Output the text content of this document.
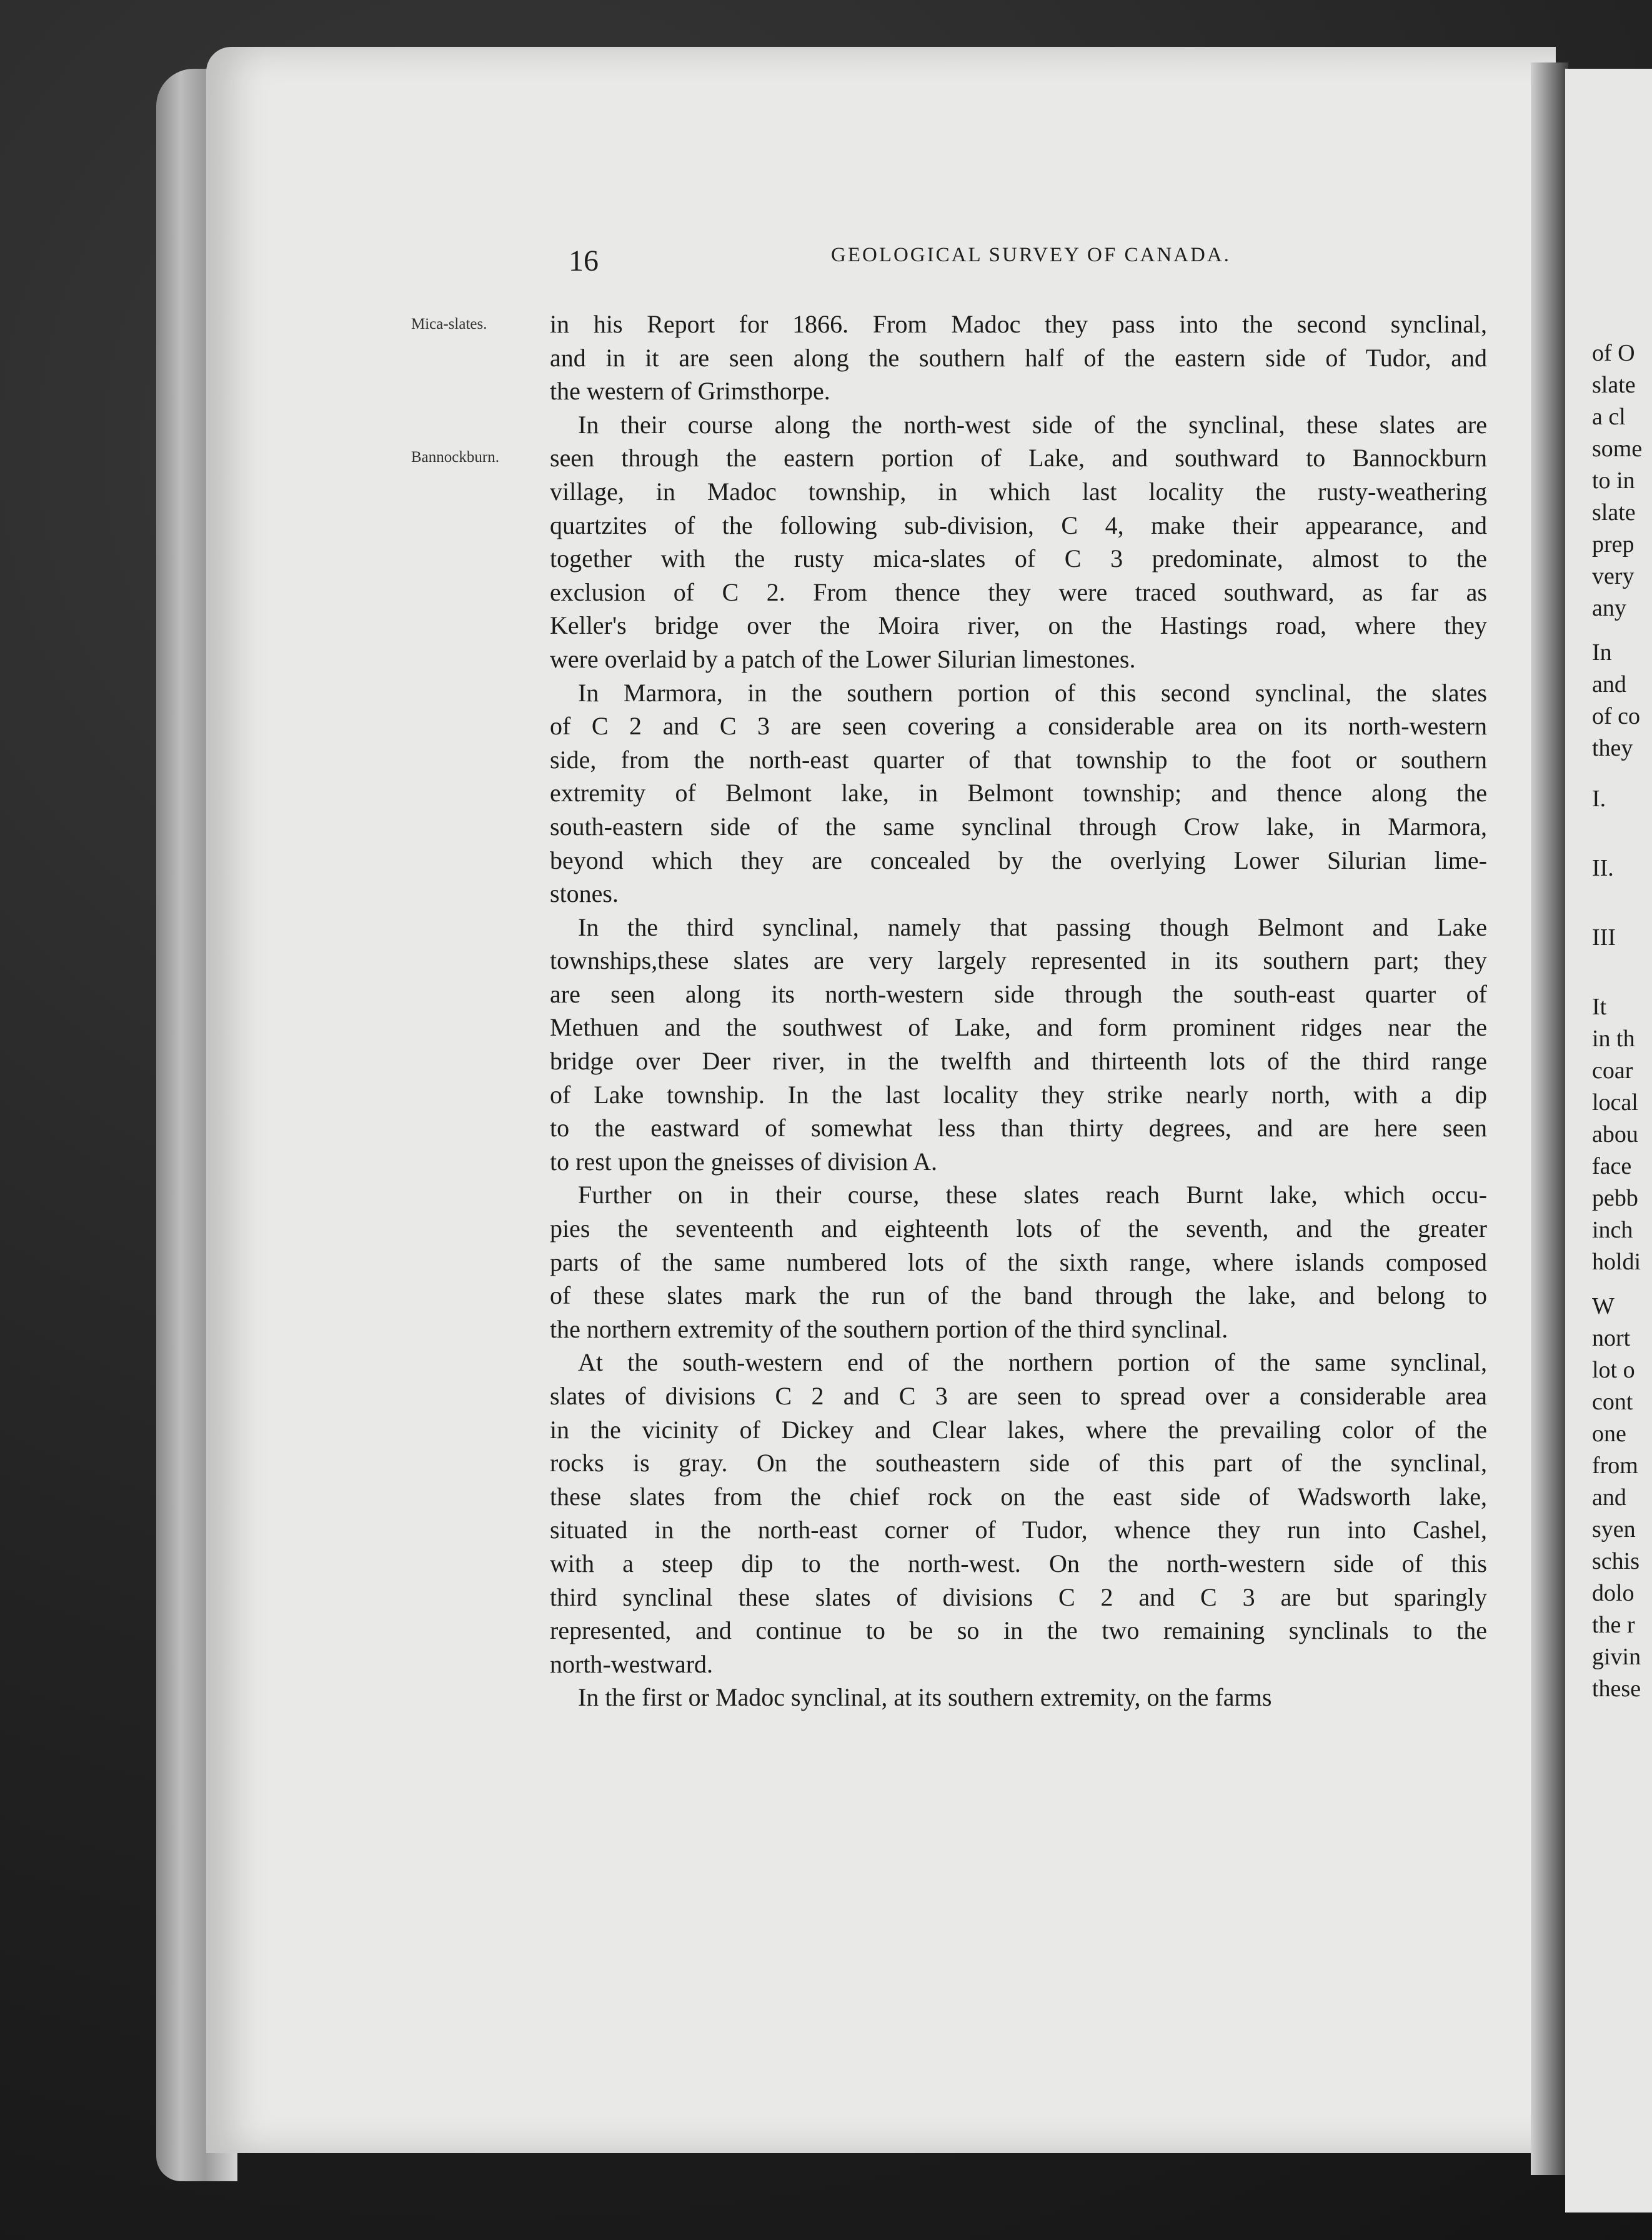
16	GEOLOGICAL SURVEY OF CANADA.
Mica-slates.
Bannockburn.
in his Report for 1866. From Madoc they pass into the second synclinal,
and in it are seen along the southern half of the eastern side of Tudor, and
the western of Grimsthorpe.
In their course along the north-west side of the synclinal, these slates are
seen through the eastern portion of Lake, and southward to Bannockburn
village, in Madoc township, in which last locality the rusty-weathering
quartzites of the following sub-division, C 4, make their appearance, and
together with the rusty mica-slates of C 3 predominate, almost to the
exclusion of C 2. From thence they were traced southward, as far as
Keller's bridge over the Moira river, on the Hastings road, where they
were overlaid by a patch of the Lower Silurian limestones.
In Marmora, in the southern portion of this second synclinal, the slates
of C 2 and C 3 are seen covering a considerable area on its north-western
side, from the north-east quarter of that township to the foot or southern
extremity of Belmont lake, in Belmont township; and thence along the
south-eastern side of the same synclinal through Crow lake, in Marmora,
beyond which they are concealed by the overlying Lower Silurian lime-
stones.
In the third synclinal, namely that passing though Belmont and Lake
townships,these slates are very largely represented in its southern part; they
are seen along its north-western side through the south-east quarter of
Methuen and the southwest of Lake, and form prominent ridges near the
bridge over Deer river, in the twelfth and thirteenth lots of the third range
of Lake township. In the last locality they strike nearly north, with a dip
to the eastward of somewhat less than thirty degrees, and are here seen
to rest upon the gneisses of division A.
Further on in their course, these slates reach Burnt lake, which occu-
pies the seventeenth and eighteenth lots of the seventh, and the greater
parts of the same numbered lots of the sixth range, where islands composed
of these slates mark the run of the band through the lake, and belong to
the northern extremity of the southern portion of the third synclinal.
At the south-western end of the northern portion of the same synclinal,
slates of divisions C 2 and C 3 are seen to spread over a considerable area
in the vicinity of Dickey and Clear lakes, where the prevailing color of the
rocks is gray. On the southeastern side of this part of the synclinal,
these slates from the chief rock on the east side of Wadsworth lake,
situated in the north-east corner of Tudor, whence they run into Cashel,
with a steep dip to the north-west. On the north-western side of this
third synclinal these slates of divisions C 2 and C 3 are but sparingly
represented, and continue to be so in the two remaining synclinals to the
north-westward.
In the first or Madoc synclinal, at its southern extremity, on the farms
of O
slate
a cl
some
to in
slate
prep
very
any
In
and
of co
they
I.
II.
III
It
in th
coar
local
abou
face
pebb
inch
holdi
W
nort
lot o
cont
one
from
and
syen
schis
dolo
the r
givin
these
